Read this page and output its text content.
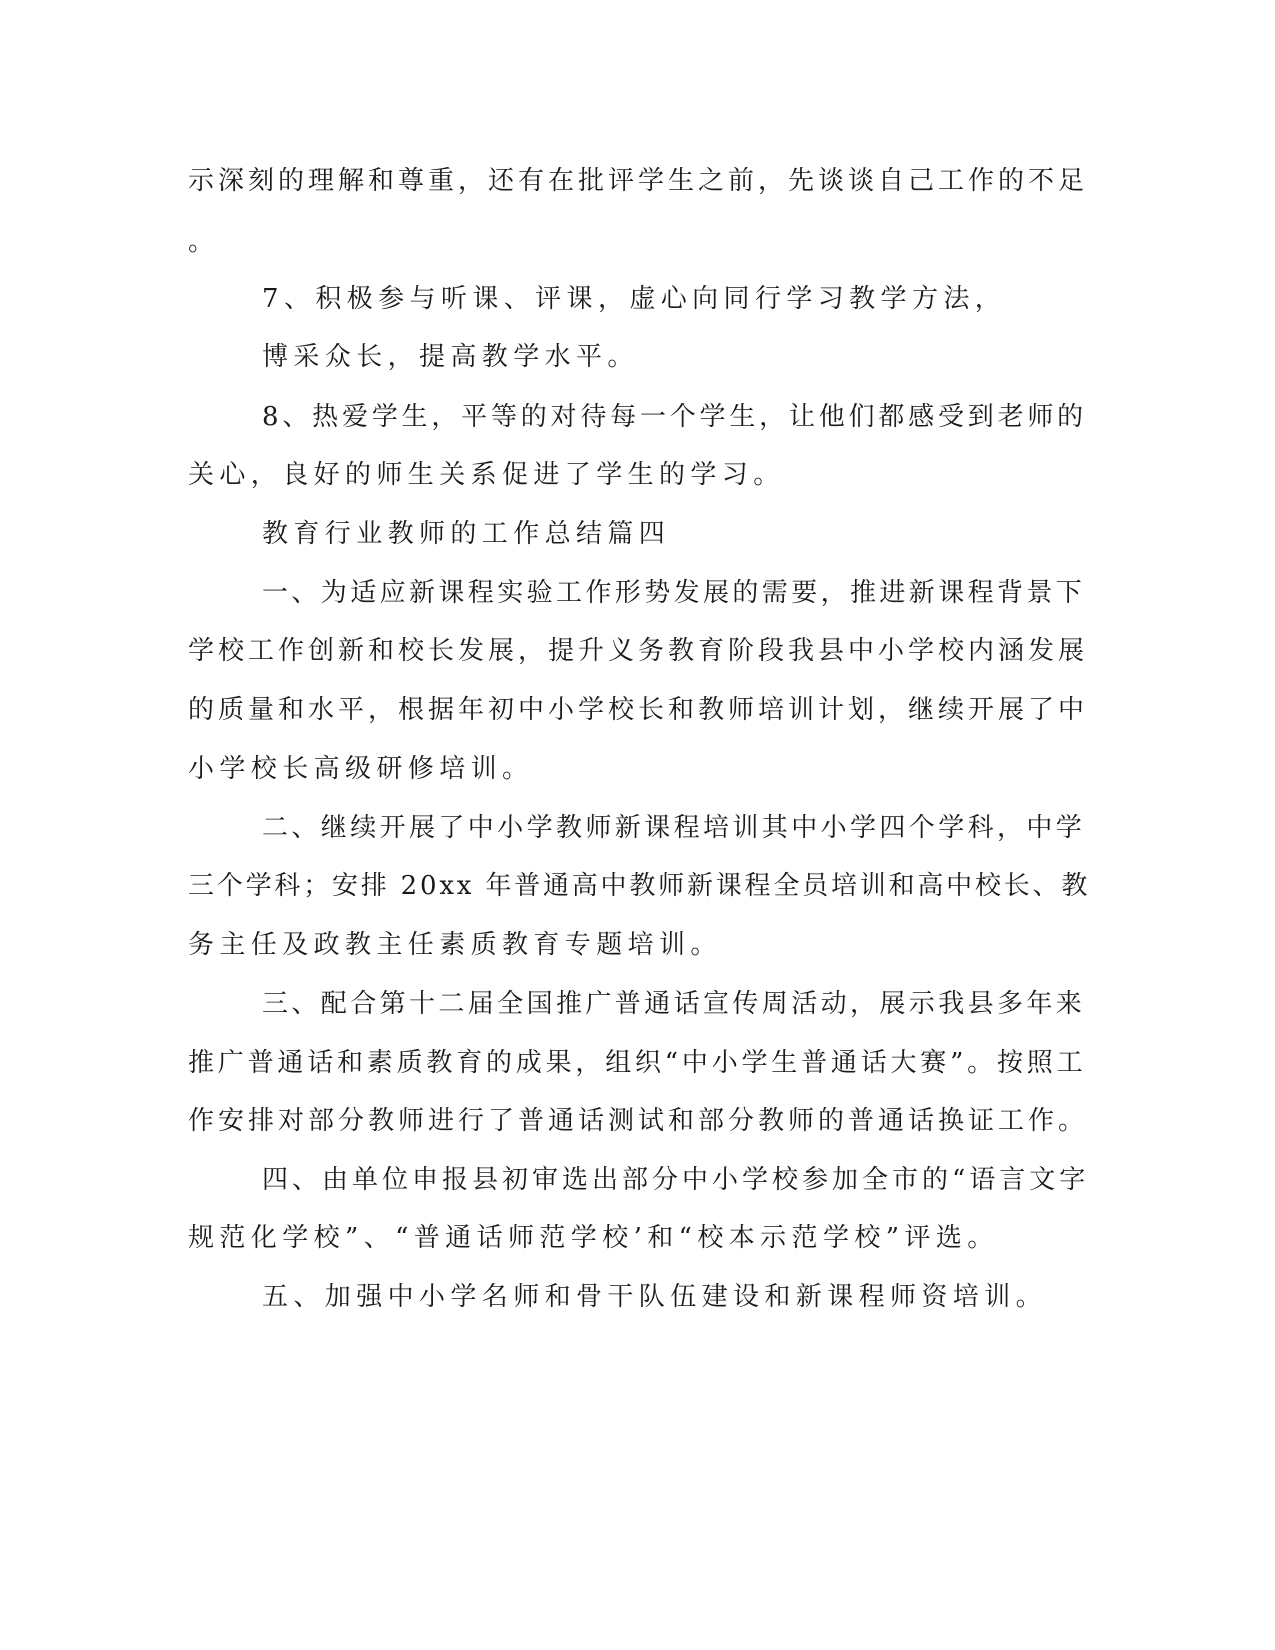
示深刻的理解和尊重，还有在批评学生之前，先谈谈自己工作的不足
。
7、积极参与听课、评课，虚心向同行学习教学方法，
博采众长，提高教学水平。
8、热爱学生，平等的对待每一个学生，让他们都感受到老师的
关心，良好的师生关系促进了学生的学习。
教育行业教师的工作总结篇四
一、为适应新课程实验工作形势发展的需要，推进新课程背景下
学校工作创新和校长发展，提升义务教育阶段我县中小学校内涵发展
的质量和水平，根据年初中小学校长和教师培训计划，继续开展了中
小学校长高级研修培训。
二、继续开展了中小学教师新课程培训其中小学四个学科，中学
三个学科；安排 20xx 年普通高中教师新课程全员培训和高中校长、教
务主任及政教主任素质教育专题培训。
三、配合第十二届全国推广普通话宣传周活动，展示我县多年来
推广普通话和素质教育的成果，组织“中小学生普通话大赛”。按照工
作安排对部分教师进行了普通话测试和部分教师的普通话换证工作。
四、由单位申报县初审选出部分中小学校参加全市的“语言文字
规范化学校”、“普通话师范学校’和“校本示范学校”评选。
五、加强中小学名师和骨干队伍建设和新课程师资培训。
